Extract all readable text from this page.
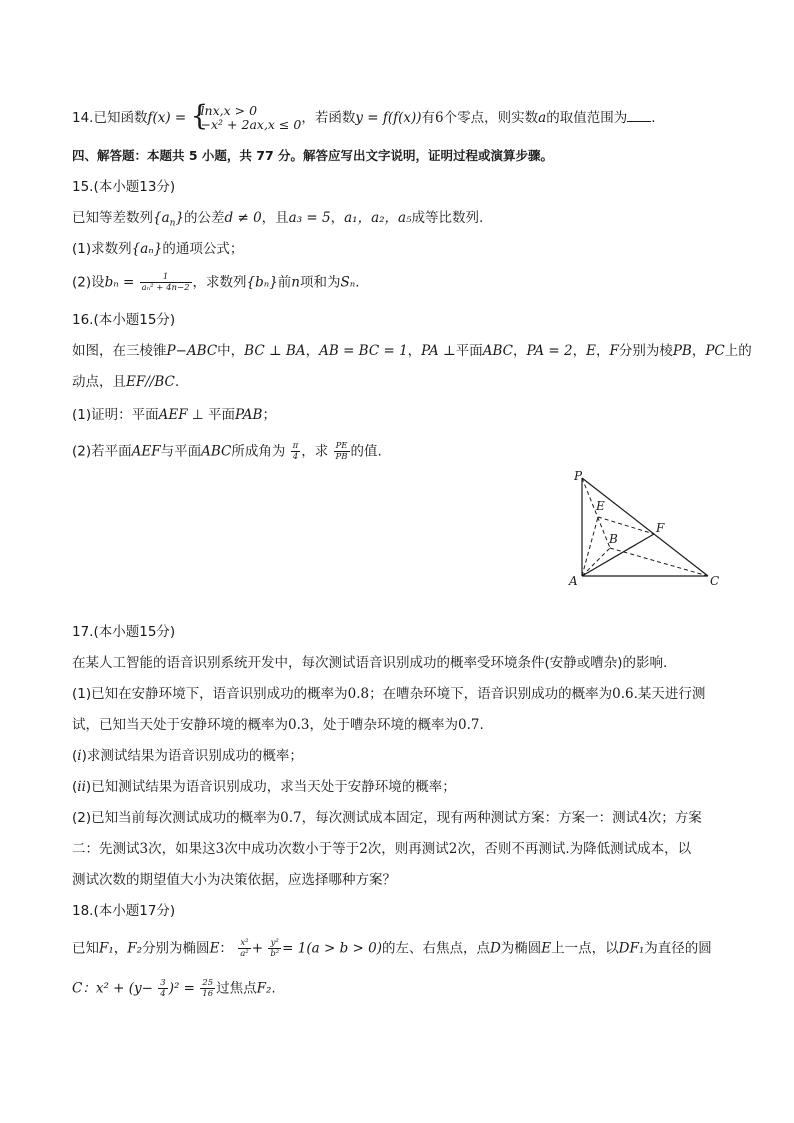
14.已知函数f(x) = {
lnx,x > 0
−x² + 2ax,x ≤ 0 ，若函数y = f(f(x))有6个零点，则实数a的取值范围为 .
四、解答题：本题共 5 小题，共 77 分。解答应写出文字说明，证明过程或演算步骤。
15.(本小题13分)
已知等差数列$\{a_n\}$的公差d ≠ 0，且a₃ = 5，a₁，a₂，a₅成等比数列.
(1)求数列{aₙ}的通项公式；
(2)设$b_n = \frac{1}{\text{aₙ² + 4n−2}}$ ，求数列{bₙ}前n项和为Sₙ.
16.(本小题15分)
如图，在三棱锥P−ABC中，BC ⊥ BA，AB = BC = 1，PA ⊥平面ABC，PA = 2，E，F分别为棱PB，PC上的
动点，且EF//BC.
(1)证明：平面AEF ⊥ 平面PAB；
(2)若平面AEF与平面ABC所成角为 $\frac{\pi}{4}$ ，求 $\frac{PE}{PB}$ 的值.
P
E
F
B
A	C
17.(本小题15分)
在某人工智能的语音识别系统开发中，每次测试语音识别成功的概率受环境条件(安静或嘈杂)的影响.
(1)已知在安静环境下，语音识别成功的概率为0.8；在嘈杂环境下，语音识别成功的概率为0.6.某天进行测
试，已知当天处于安静环境的概率为0.3，处于嘈杂环境的概率为0.7.
(i)求测试结果为语音识别成功的概率；
(ii)已知测试结果为语音识别成功，求当天处于安静环境的概率；
(2)已知当前每次测试成功的概率为0.7，每次测试成本固定，现有两种测试方案：方案一：测试4次；方案
二：先测试3次，如果这3次中成功次数小于等于2次，则再测试2次，否则不再测试.为降低测试成本，以
测试次数的期望值大小为决策依据，应选择哪种方案？
18.(本小题17分)
已知F₁，F₂分别为椭圆E： $\frac{\text{x²}}{\text{a²}} + \frac{\text{y²}}{\text{b²}} = 1(a > b > 0)$的左、右焦点，点D为椭圆E上一点，以DF₁为直径的圆
C：$x^2 + (y- \frac{3}{4} )^2 = \frac{25}{16}$ 过焦点F₂.
